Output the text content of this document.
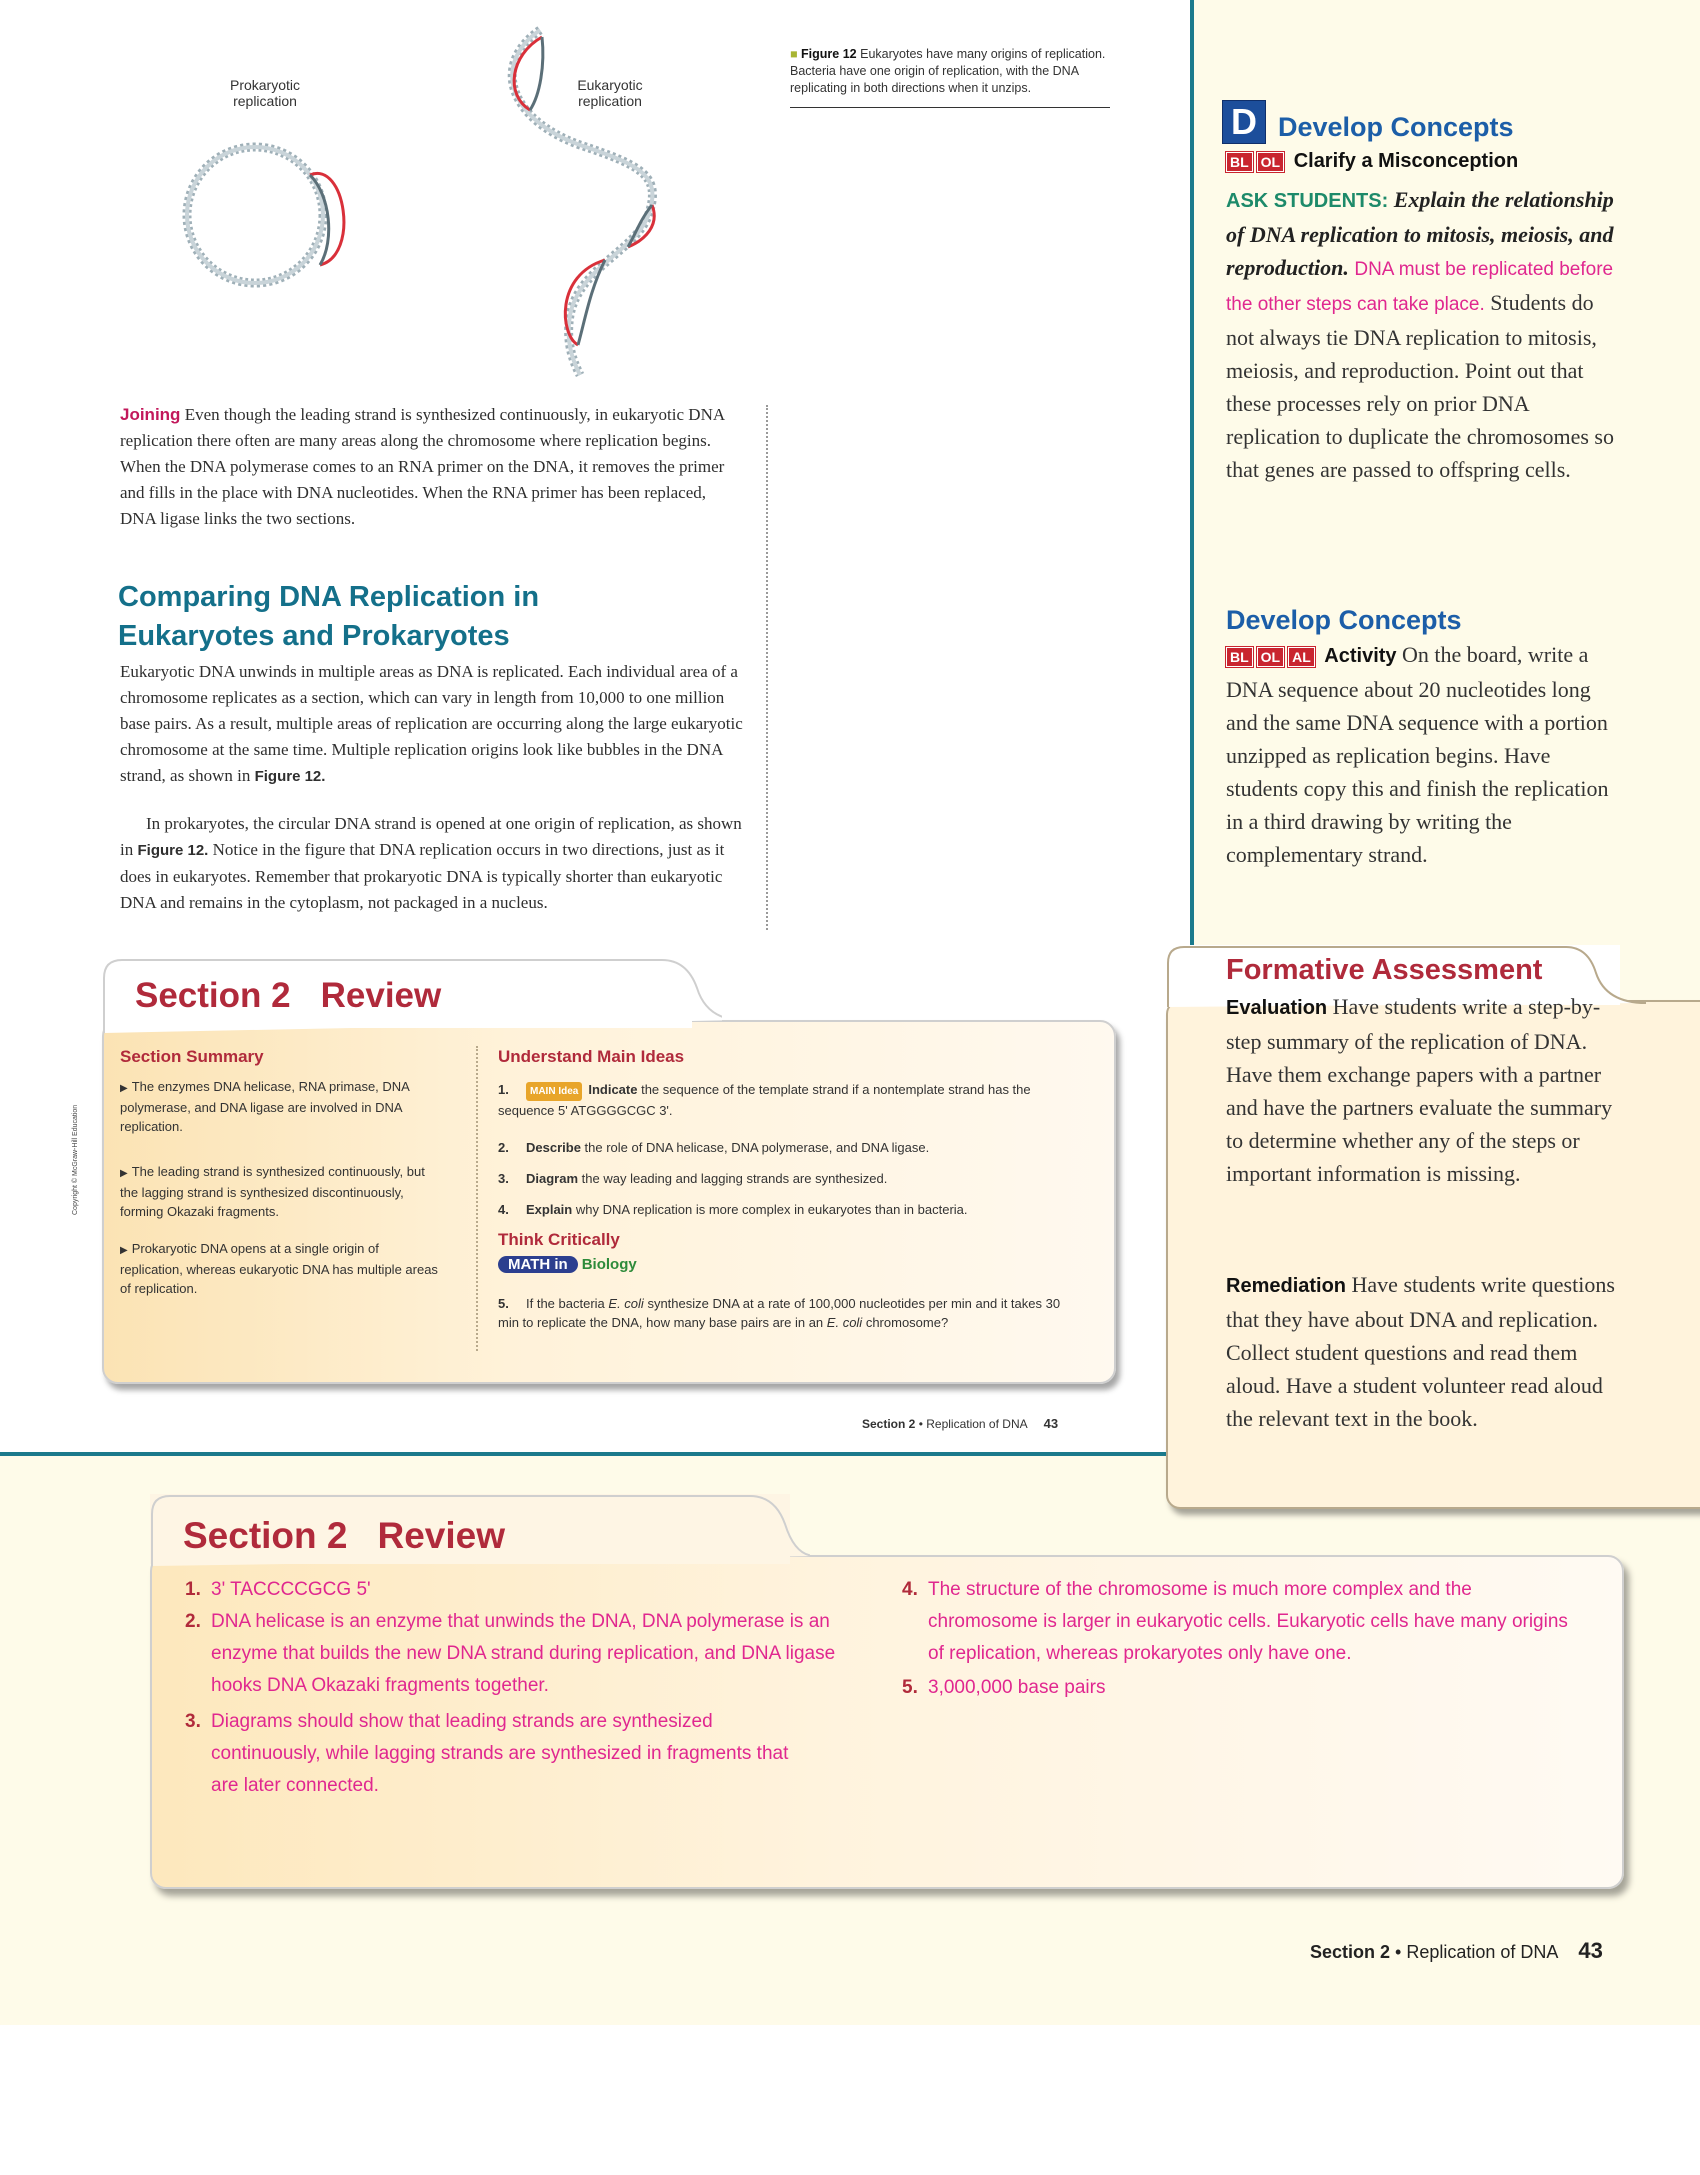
Prokaryotic
replication
Eukaryotic
replication
■ Figure 12 Eukaryotes have many origins of replication. Bacteria have one origin of replication, with the DNA replicating in both directions when it unzips.
Joining Even though the leading strand is synthesized continuously, in eukaryotic DNA replication there often are many areas along the chromosome where replication begins. When the DNA polymerase comes to an RNA primer on the DNA, it removes the primer and fills in the place with DNA nucleotides. When the RNA primer has been replaced, DNA ligase links the two sections.
Comparing DNA Replication in
Eukaryotes and Prokaryotes
Eukaryotic DNA unwinds in multiple areas as DNA is replicated. Each individual area of a chromosome replicates as a section, which can vary in length from 10,000 to one million base pairs. As a result, multiple areas of replication are occurring along the large eukaryotic chromosome at the same time. Multiple replication origins look like bubbles in the DNA strand, as shown in Figure 12.
In prokaryotes, the circular DNA strand is opened at one origin of replication, as shown in Figure 12. Notice in the figure that DNA replication occurs in two directions, just as it does in eukaryotes. Remember that prokaryotic DNA is typically shorter than eukaryotic DNA and remains in the cytoplasm, not packaged in a nucleus.
Copyright © McGraw-Hill Education
Section 2 Review
Section Summary
▶ The enzymes DNA helicase, RNA primase, DNA polymerase, and DNA ligase are involved in DNA replication.
▶ The leading strand is synthesized continuously, but the lagging strand is synthesized discontinuously, forming Okazaki fragments.
▶ Prokaryotic DNA opens at a single origin of replication, whereas eukaryotic DNA has multiple areas of replication.
Understand Main Ideas
1. MAIN Idea Indicate the sequence of the template strand if a nontemplate strand has the sequence 5' ATGGGGCGC 3'.
2. Describe the role of DNA helicase, DNA polymerase, and DNA ligase.
3. Diagram the way leading and lagging strands are synthesized.
4. Explain why DNA replication is more complex in eukaryotes than in bacteria.
Think Critically
MATH in Biology
5. If the bacteria E. coli synthesize DNA at a rate of 100,000 nucleotides per min and it takes 30 min to replicate the DNA, how many base pairs are in an E. coli chromosome?
Section 2 • Replication of DNA 43
D Develop Concepts
BL OL Clarify a Misconception
ASK STUDENTS: Explain the relationship of DNA replication to mitosis, meiosis, and reproduction. DNA must be replicated before the other steps can take place. Students do not always tie DNA replication to mitosis, meiosis, and reproduction. Point out that these processes rely on prior DNA replication to duplicate the chromosomes so that genes are passed to offspring cells.
Develop Concepts
BL OL AL Activity On the board, write a DNA sequence about 20 nucleotides long and the same DNA sequence with a portion unzipped as replication begins. Have students copy this and finish the replication in a third drawing by writing the complementary strand.
Formative Assessment
Evaluation Have students write a step-by-step summary of the replication of DNA. Have them exchange papers with a partner and have the partners evaluate the summary to determine whether any of the steps or important information is missing.
Remediation Have students write questions that they have about DNA and replication. Collect student questions and read them aloud. Have a student volunteer read aloud the relevant text in the book.
Section 2 Review
1. 3' TACCCCGCG 5'
2. DNA helicase is an enzyme that unwinds the DNA, DNA polymerase is an enzyme that builds the new DNA strand during replication, and DNA ligase hooks DNA Okazaki fragments together.
3. Diagrams should show that leading strands are synthesized continuously, while lagging strands are synthesized in fragments that are later connected.
4. The structure of the chromosome is much more complex and the chromosome is larger in eukaryotic cells. Eukaryotic cells have many origins of replication, whereas prokaryotes only have one.
5. 3,000,000 base pairs
Section 2 • Replication of DNA 43
